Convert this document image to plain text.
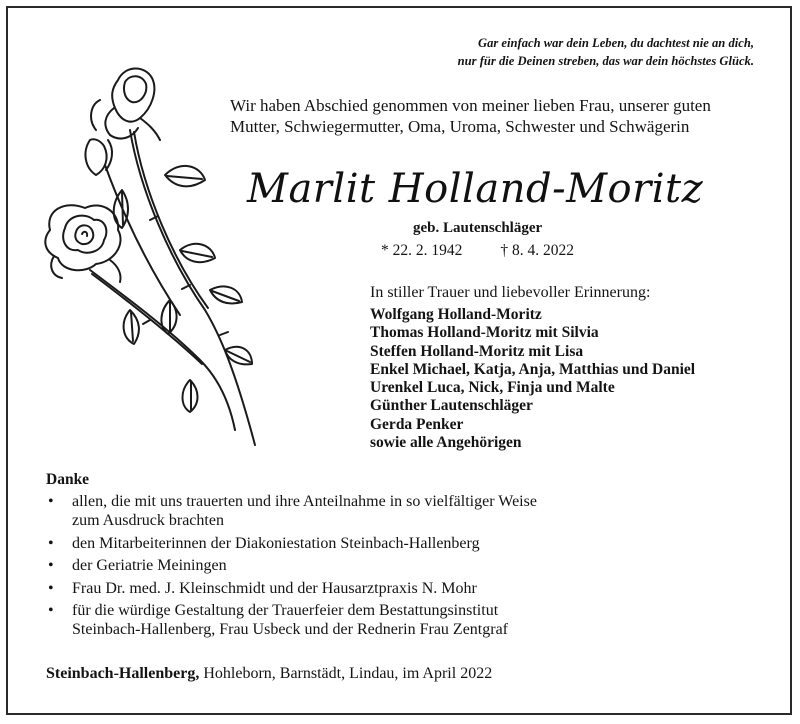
Gar einfach war dein Leben, du dachtest nie an dich,
nur für die Deinen streben, das war dein höchstes Glück.
Wir haben Abschied genommen von meiner lieben Frau, unserer guten
Mutter, Schwiegermutter, Oma, Uroma, Schwester und Schwägerin
Marlit Holland-Moritz
geb. Lautenschläger
* 22. 2. 1942 † 8. 4. 2022
In stiller Trauer und liebevoller Erinnerung:
Wolfgang Holland-Moritz
Thomas Holland-Moritz mit Silvia
Steffen Holland-Moritz mit Lisa
Enkel Michael, Katja, Anja, Matthias und Daniel
Urenkel Luca, Nick, Finja und Malte
Günther Lautenschläger
Gerda Penker
sowie alle Angehörigen
Danke
• allen, die mit uns trauerten und ihre Anteilnahme in so vielfältiger Weise
zum Ausdruck brachten
• den Mitarbeiterinnen der Diakoniestation Steinbach-Hallenberg
• der Geriatrie Meiningen
• Frau Dr. med. J. Kleinschmidt und der Hausarztpraxis N. Mohr
• für die würdige Gestaltung der Trauerfeier dem Bestattungsinstitut
Steinbach-Hallenberg, Frau Usbeck und der Rednerin Frau Zentgraf
Steinbach-Hallenberg, Hohleborn, Barnstädt, Lindau, im April 2022
